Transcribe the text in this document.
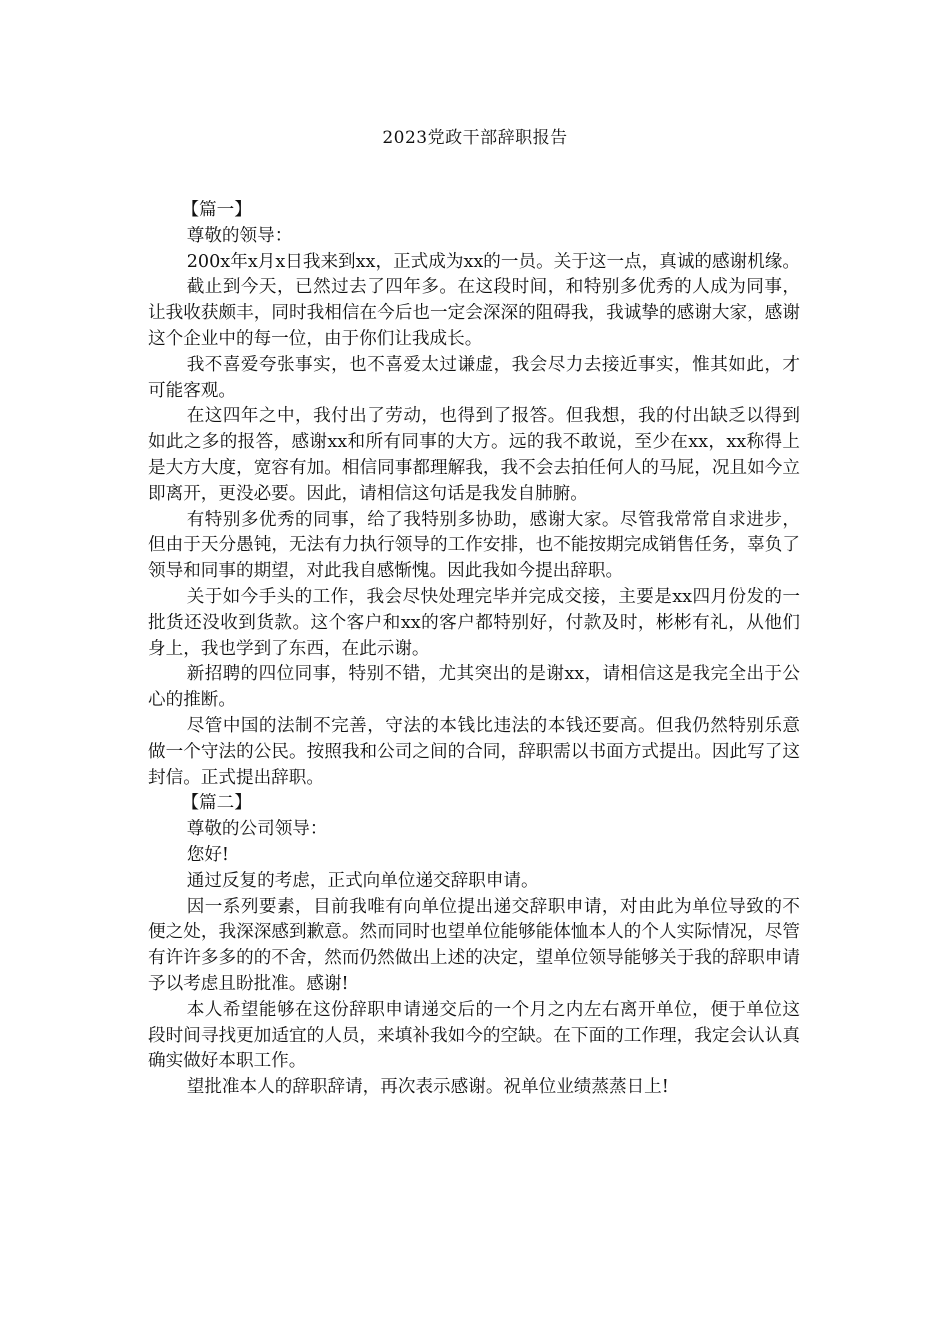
2023党政干部辞职报告

【篇一】

尊敬的领导：

200x年x月x日我来到xx，正式成为xx的一员。关于这一点，真诚的感谢机缘。

截止到今天，已然过去了四年多。在这段时间，和特别多优秀的人成为同事，让我收获颇丰，同时我相信在今后也一定会深深的阻碍我，我诚挚的感谢大家，感谢这个企业中的每一位，由于你们让我成长。

我不喜爱夸张事实，也不喜爱太过谦虚，我会尽力去接近事实，惟其如此，才可能客观。

在这四年之中，我付出了劳动，也得到了报答。但我想，我的付出缺乏以得到如此之多的报答，感谢xx和所有同事的大方。远的我不敢说，至少在xx，xx称得上是大方大度，宽容有加。相信同事都理解我，我不会去拍任何人的马屁，况且如今立即离开，更没必要。因此，请相信这句话是我发自肺腑。

有特别多优秀的同事，给了我特别多协助，感谢大家。尽管我常常自求进步，但由于天分愚钝，无法有力执行领导的工作安排，也不能按期完成销售任务，辜负了领导和同事的期望，对此我自感惭愧。因此我如今提出辞职。

关于如今手头的工作，我会尽快处理完毕并完成交接，主要是xx四月份发的一批货还没收到货款。这个客户和xx的客户都特别好，付款及时，彬彬有礼，从他们身上，我也学到了东西，在此示谢。

新招聘的四位同事，特别不错，尤其突出的是谢xx，请相信这是我完全出于公心的推断。

尽管中国的法制不完善，守法的本钱比违法的本钱还要高。但我仍然特别乐意做一个守法的公民。按照我和公司之间的合同，辞职需以书面方式提出。因此写了这封信。正式提出辞职。

【篇二】

尊敬的公司领导：

您好!

通过反复的考虑，正式向单位递交辞职申请。

因一系列要素，目前我唯有向单位提出递交辞职申请，对由此为单位导致的不便之处，我深深感到歉意。然而同时也望单位能够能体恤本人的个人实际情况，尽管有许许多多的的不舍，然而仍然做出上述的决定，望单位领导能够关于我的辞职申请予以考虑且盼批准。感谢!

本人希望能够在这份辞职申请递交后的一个月之内左右离开单位，便于单位这段时间寻找更加适宜的人员，来填补我如今的空缺。在下面的工作理，我定会认认真确实做好本职工作。

望批准本人的辞职辞请，再次表示感谢。祝单位业绩蒸蒸日上!
